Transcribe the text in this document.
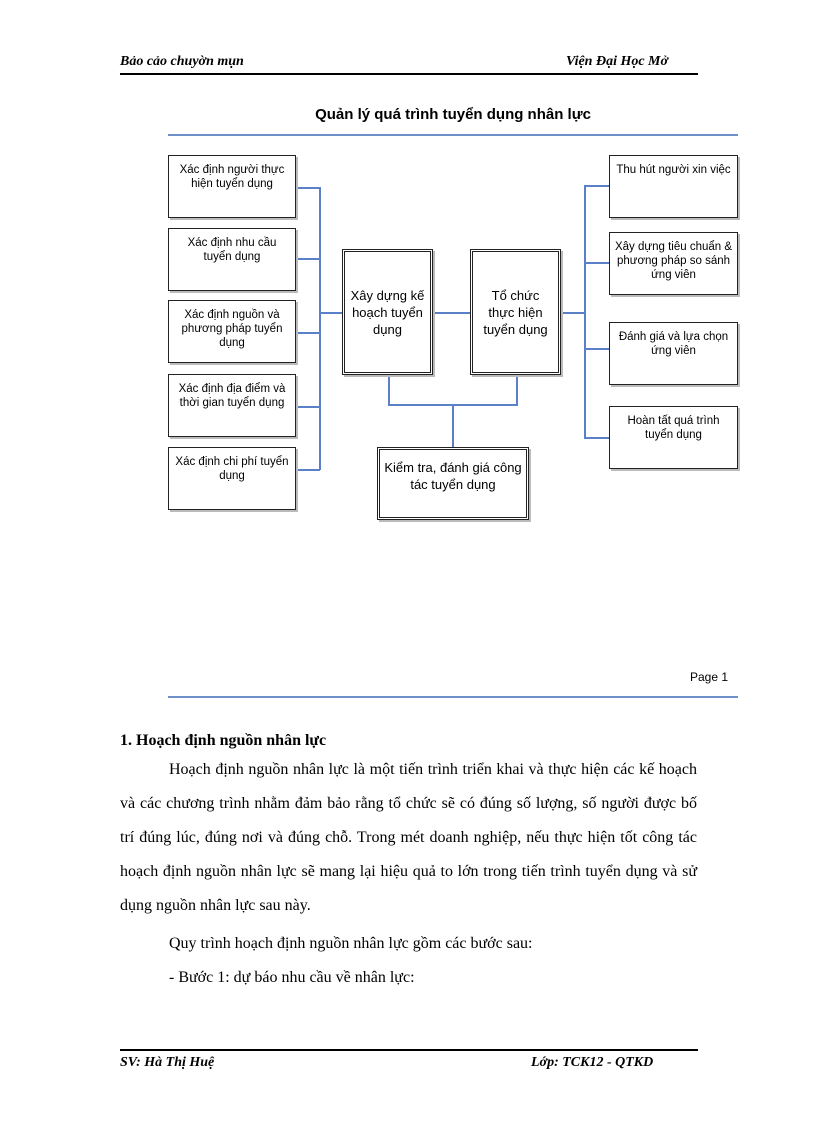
Bảo cảo chuyờn mụn	Viện Đại Học Mở
Quản lý quá trình tuyển dụng nhân lực
Xác định người thực hiện tuyển dụng
Xác định nhu cầu tuyển dụng
Xác định nguồn và phương pháp tuyển dụng
Xác định địa điểm và thời gian tuyển dụng
Xác định chi phí tuyển dụng
Xây dựng kế hoạch tuyển dụng
Tổ chức thực hiện tuyển dụng
Kiểm tra, đánh giá công tác tuyển dụng
Thu hút người xin việc
Xây dựng tiêu chuẩn & phương pháp so sánh ứng viên
Đánh giá và lựa chọn ứng viên
Hoàn tất quá trình tuyển dụng
Page 1
1. Hoạch định nguồn nhân lực

Hoạch định nguồn nhân lực là một tiến trình triển khai và thực hiện các kế hoạch và các chương trình nhằm đảm bảo rằng tổ chức sẽ có đúng số lượng, số người được bố trí đúng lúc, đúng nơi và đúng chỗ. Trong mét doanh nghiệp, nếu thực hiện tốt công tác hoạch định nguồn nhân lực sẽ mang lại hiệu quả to lớn trong tiến trình tuyển dụng và sử dụng nguồn nhân lực sau này.

Quy trình hoạch định nguồn nhân lực gồm các bước sau:

- Bước 1: dự báo nhu cầu về nhân lực:

SV: Hà Thị Huệ	Lớp: TCK12 - QTKD
